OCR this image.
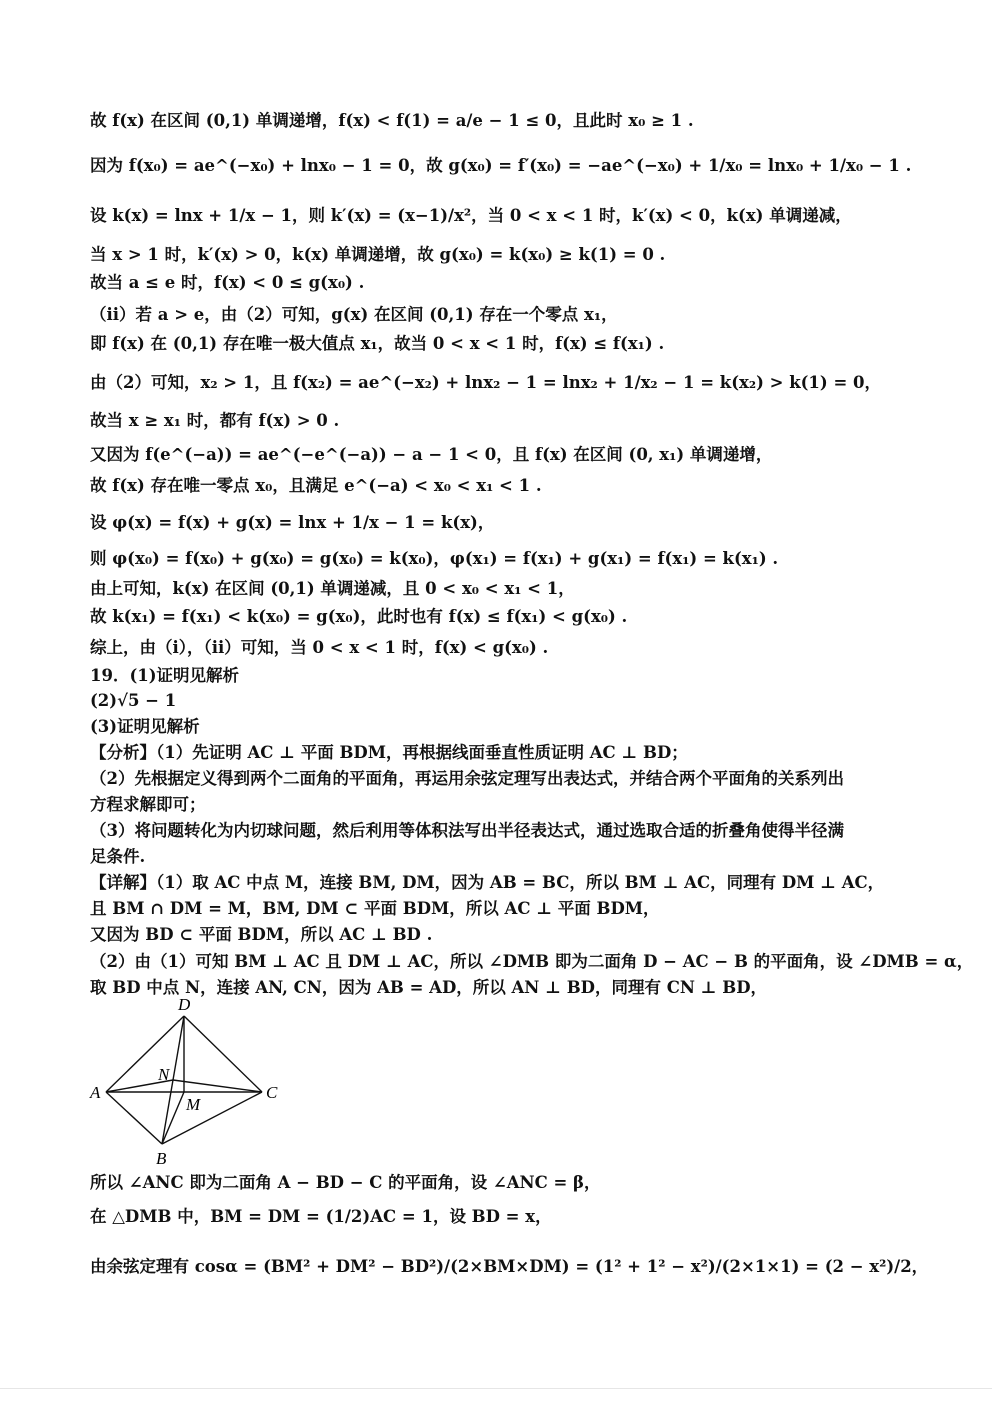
故 f(x) 在区间 (0,1) 单调递增，f(x) < f(1) = a/e − 1 ≤ 0，且此时 x₀ ≥ 1 .
因为 f(x₀) = ae^(−x₀) + lnx₀ − 1 = 0，故 g(x₀) = f′(x₀) = −ae^(−x₀) + 1/x₀ = lnx₀ + 1/x₀ − 1 .
设 k(x) = lnx + 1/x − 1，则 k′(x) = (x−1)/x²，当 0 < x < 1 时，k′(x) < 0，k(x) 单调递减，
当 x > 1 时，k′(x) > 0，k(x) 单调递增，故 g(x₀) = k(x₀) ≥ k(1) = 0 .
故当 a ≤ e 时，f(x) < 0 ≤ g(x₀) .
（ii）若 a > e，由（2）可知，g(x) 在区间 (0,1) 存在一个零点 x₁，
即 f(x) 在 (0,1) 存在唯一极大值点 x₁，故当 0 < x < 1 时，f(x) ≤ f(x₁) .
由（2）可知，x₂ > 1，且 f(x₂) = ae^(−x₂) + lnx₂ − 1 = lnx₂ + 1/x₂ − 1 = k(x₂) > k(1) = 0，
故当 x ≥ x₁ 时，都有 f(x) > 0 .
又因为 f(e^(−a)) = ae^(−e^(−a)) − a − 1 < 0，且 f(x) 在区间 (0, x₁) 单调递增，
故 f(x) 存在唯一零点 x₀，且满足 e^(−a) < x₀ < x₁ < 1 .
设 φ(x) = f(x) + g(x) = lnx + 1/x − 1 = k(x)，
则 φ(x₀) = f(x₀) + g(x₀) = g(x₀) = k(x₀)，φ(x₁) = f(x₁) + g(x₁) = f(x₁) = k(x₁) .
由上可知，k(x) 在区间 (0,1) 单调递减，且 0 < x₀ < x₁ < 1，
故 k(x₁) = f(x₁) < k(x₀) = g(x₀)，此时也有 f(x) ≤ f(x₁) < g(x₀) .
综上，由（i），（ii）可知，当 0 < x < 1 时，f(x) < g(x₀) .
19．(1)证明见解析
(2)√5 − 1
(3)证明见解析
【分析】（1）先证明 AC ⊥ 平面 BDM，再根据线面垂直性质证明 AC ⊥ BD；
（2）先根据定义得到两个二面角的平面角，再运用余弦定理写出表达式，并结合两个平面角的关系列出
方程求解即可；
（3）将问题转化为内切球问题，然后利用等体积法写出半径表达式，通过选取合适的折叠角使得半径满
足条件.
【详解】（1）取 AC 中点 M，连接 BM, DM，因为 AB = BC，所以 BM ⊥ AC，同理有 DM ⊥ AC，
且 BM ∩ DM = M，BM, DM ⊂ 平面 BDM，所以 AC ⊥ 平面 BDM，
又因为 BD ⊂ 平面 BDM，所以 AC ⊥ BD .
（2）由（1）可知 BM ⊥ AC 且 DM ⊥ AC，所以 ∠DMB 即为二面角 D − AC − B 的平面角，设 ∠DMB = α，
取 BD 中点 N，连接 AN, CN，因为 AB = AD，所以 AN ⊥ BD，同理有 CN ⊥ BD，
D
A	C
N
M
B
所以 ∠ANC 即为二面角 A − BD − C 的平面角，设 ∠ANC = β，
在 △DMB 中，BM = DM = (1/2)AC = 1，设 BD = x，
由余弦定理有 cosα = (BM² + DM² − BD²)/(2×BM×DM) = (1² + 1² − x²)/(2×1×1) = (2 − x²)/2，
